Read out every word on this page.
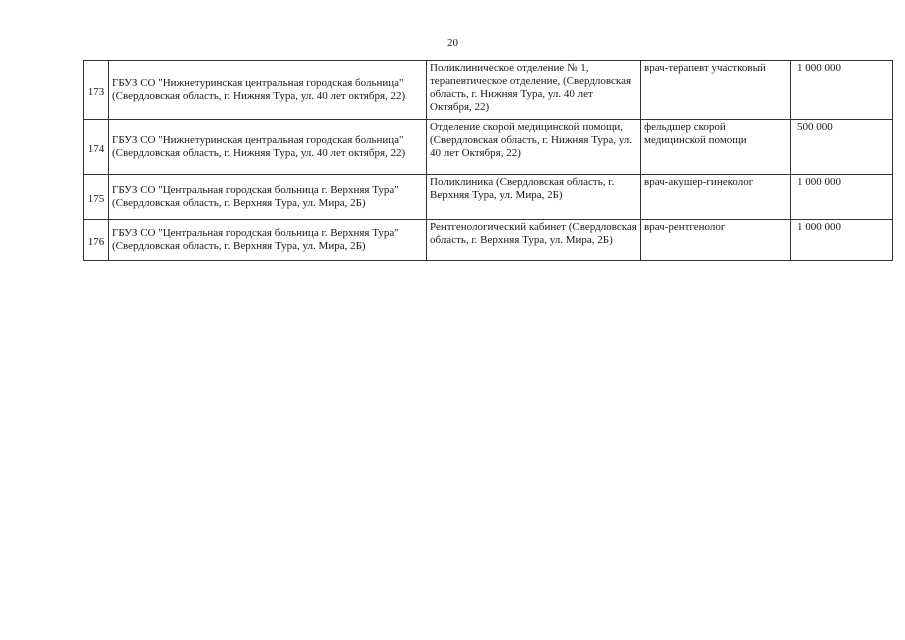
20
173	ГБУЗ СО "Нижнетуринская центральная городская больница" (Свердловская область, г. Нижняя Тура, ул. 40 лет октября, 22)	Поликлиническое отделение № 1, терапевтическое отделение, (Свердловская область, г. Нижняя Тура, ул. 40 лет Октября, 22)	врач-терапевт участковый	1 000 000
174	ГБУЗ СО "Нижнетуринская центральная городская больница" (Свердловская область, г. Нижняя Тура, ул. 40 лет октября, 22)	Отделение скорой медицинской помощи, (Свердловская область, г. Нижняя Тура, ул. 40 лет Октября, 22)	фельдшер скорой медицинской помощи	500 000
175	ГБУЗ СО "Центральная городская больница г. Верхняя Тура" (Свердловская область, г. Верхняя Тура, ул. Мира, 2Б)	Поликлиника (Свердловская область, г. Верхняя Тура, ул. Мира, 2Б)	врач-акушер-гинеколог	1 000 000
176	ГБУЗ СО "Центральная городская больница г. Верхняя Тура" (Свердловская область, г. Верхняя Тура, ул. Мира, 2Б)	Рентгенологический кабинет (Свердловская область, г. Верхняя Тура, ул. Мира, 2Б)	врач-рентгенолог	1 000 000
